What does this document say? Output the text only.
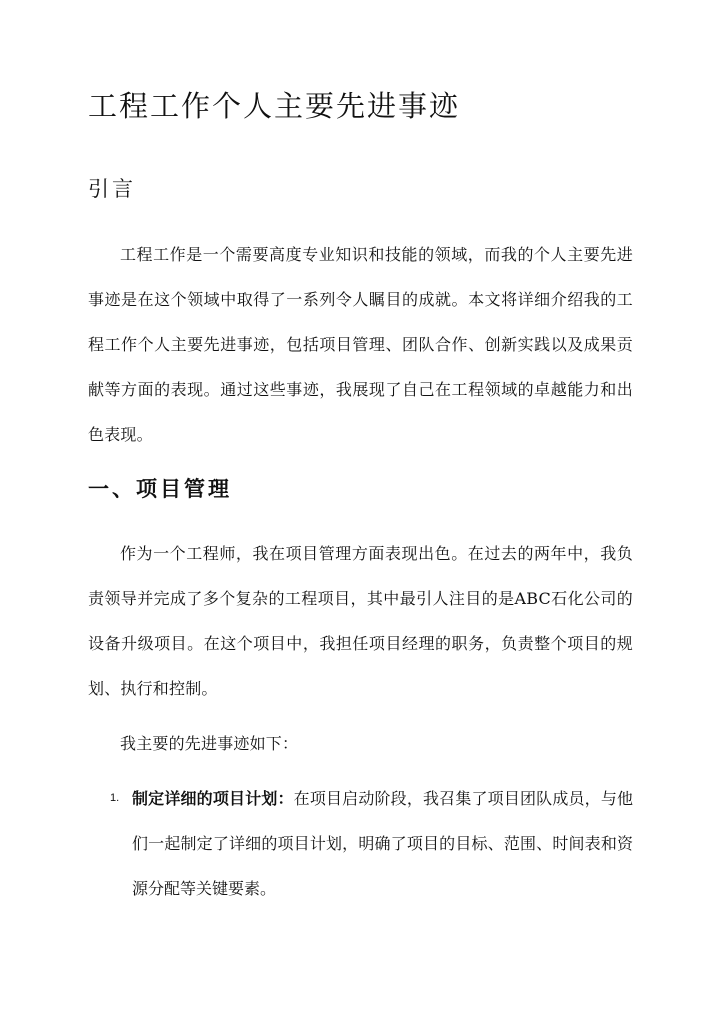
工程工作个人主要先进事迹
引言

工程工作是一个需要高度专业知识和技能的领域，而我的个人主要先进事迹是在这个领域中取得了一系列令人瞩目的成就。本文将详细介绍我的工程工作个人主要先进事迹，包括项目管理、团队合作、创新实践以及成果贡献等方面的表现。通过这些事迹，我展现了自己在工程领域的卓越能力和出色表现。

一、项目管理

作为一个工程师，我在项目管理方面表现出色。在过去的两年中，我负责领导并完成了多个复杂的工程项目，其中最引人注目的是ABC石化公司的设备升级项目。在这个项目中，我担任项目经理的职务，负责整个项目的规划、执行和控制。

我主要的先进事迹如下：

1. 制定详细的项目计划：在项目启动阶段，我召集了项目团队成员，与他们一起制定了详细的项目计划，明确了项目的目标、范围、时间表和资源分配等关键要素。
